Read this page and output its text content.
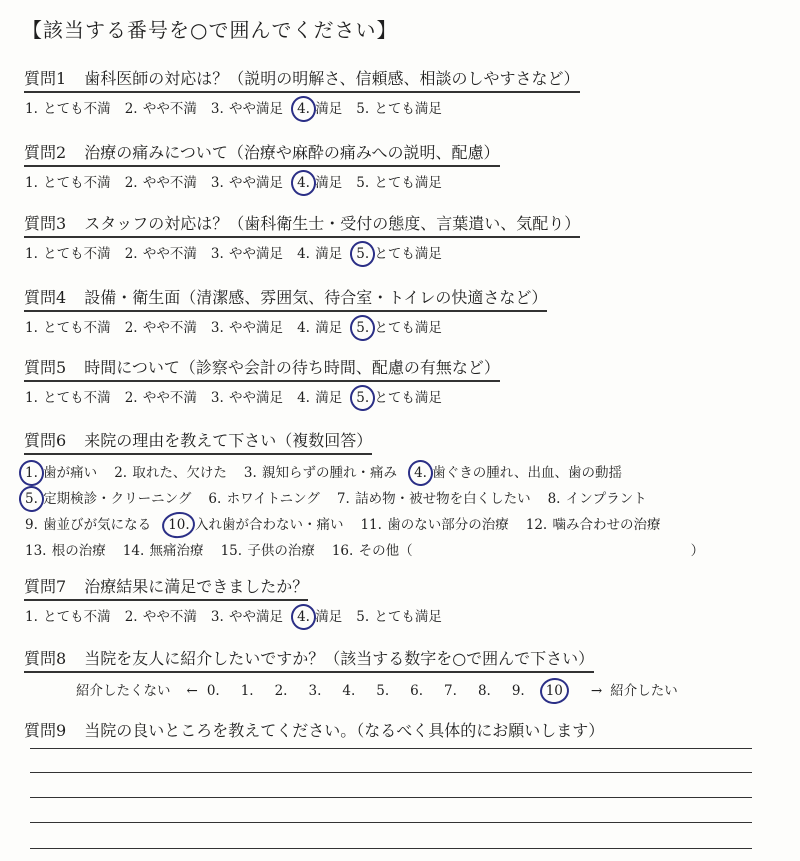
【該当する番号を○で囲んでください】
質問1 歯科医師の対応は？（説明の明解さ、信頼感、相談のしやすさなど）
1. とても不満 2. やや不満 3. やや満足 4. 満足 5. とても満足
質問2 治療の痛みについて（治療や麻酔の痛みへの説明、配慮）
1. とても不満 2. やや不満 3. やや満足 4. 満足 5. とても満足
質問3 スタッフの対応は？（歯科衛生士・受付の態度、言葉遣い、気配り）
1. とても不満 2. やや不満 3. やや満足 4. 満足 5. とても満足
質問4 設備・衛生面（清潔感、雰囲気、待合室・トイレの快適さなど）
1. とても不満 2. やや不満 3. やや満足 4. 満足 5. とても満足
質問5 時間について（診察や会計の待ち時間、配慮の有無など）
1. とても不満 2. やや不満 3. やや満足 4. 満足 5. とても満足
質問6 来院の理由を教えて下さい（複数回答）
1. 歯が痛い 2. 取れた、欠けた 3. 親知らずの腫れ・痛み 4. 歯ぐきの腫れ、出血、歯の動揺
5. 定期検診・クリーニング 6. ホワイトニング 7. 詰め物・被せ物を白くしたい 8. インプラント
9. 歯並びが気になる 10. 入れ歯が合わない・痛い 11. 歯のない部分の治療 12. 噛み合わせの治療
13. 根の治療 14. 無痛治療 15. 子供の治療 16. その他（	）
質問7 治療結果に満足できましたか？
1. とても不満 2. やや不満 3. やや満足 4. 満足 5. とても満足
質問8 当院を友人に紹介したいですか？（該当する数字を○で囲んで下さい）
紹介したくない ← 0. 1. 2. 3. 4. 5. 6. 7. 8. 9. 10 → 紹介したい
質問9 当院の良いところを教えてください。（なるべく具体的にお願いします）
